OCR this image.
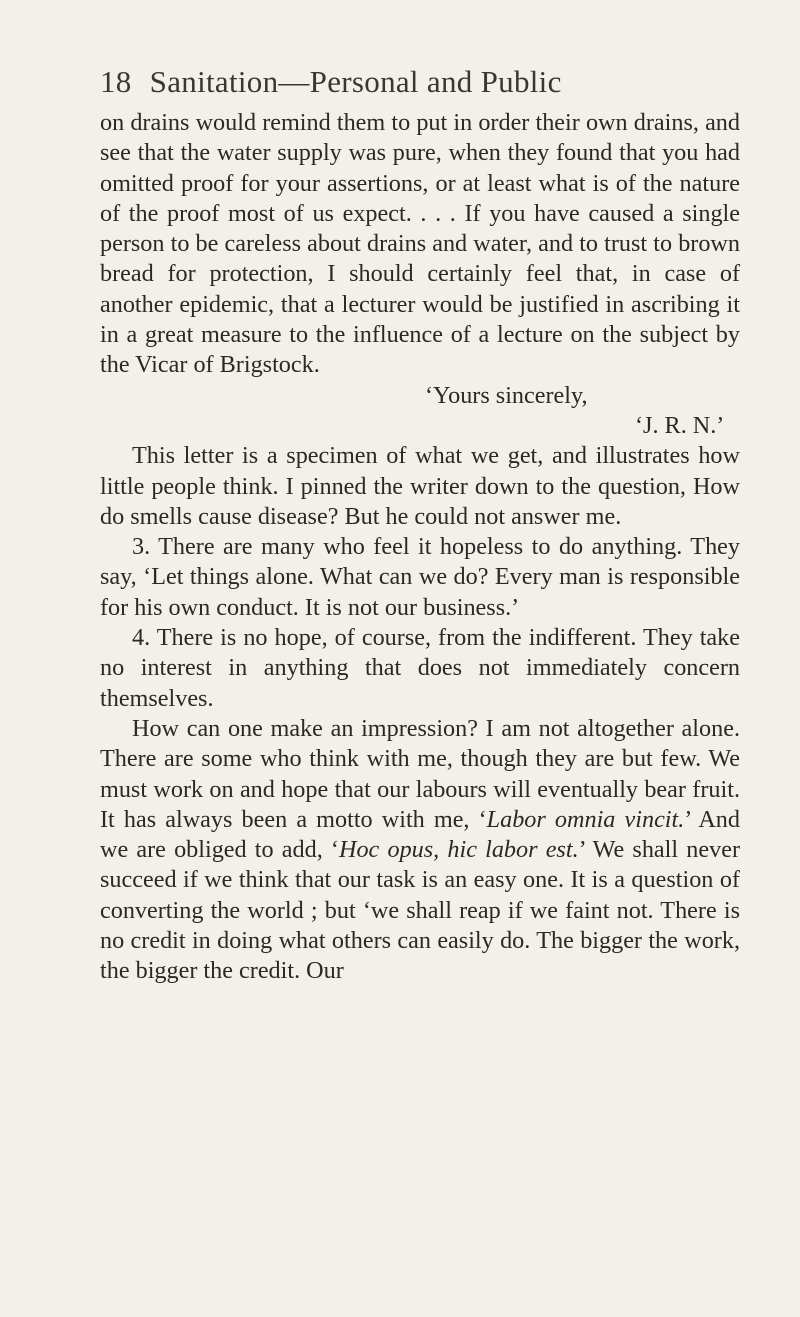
18 Sanitation—Personal and Public

on drains would remind them to put in order their own drains, and see that the water supply was pure, when they found that you had omitted proof for your assertions, or at least what is of the nature of the proof most of us expect. . . . If you have caused a single person to be careless about drains and water, and to trust to brown bread for protection, I should certainly feel that, in case of another epidemic, that a lecturer would be justified in ascribing it in a great measure to the influence of a lecture on the subject by the Vicar of Brigstock.

‘Yours sincerely,

‘J. R. N.’

This letter is a specimen of what we get, and illustrates how little people think. I pinned the writer down to the question, How do smells cause disease? But he could not answer me.

3. There are many who feel it hopeless to do anything. They say, ‘Let things alone. What can we do? Every man is responsible for his own conduct. It is not our business.’

4. There is no hope, of course, from the indifferent. They take no interest in anything that does not immediately concern themselves.

How can one make an impression? I am not altogether alone. There are some who think with me, though they are but few. We must work on and hope that our labours will eventually bear fruit. It has always been a motto with me, ‘Labor omnia vincit.’ And we are obliged to add, ‘Hoc opus, hic labor est.’ We shall never succeed if we think that our task is an easy one. It is a question of converting the world ; but ‘we shall reap if we faint not. There is no credit in doing what others can easily do. The bigger the work, the bigger the credit. Our
